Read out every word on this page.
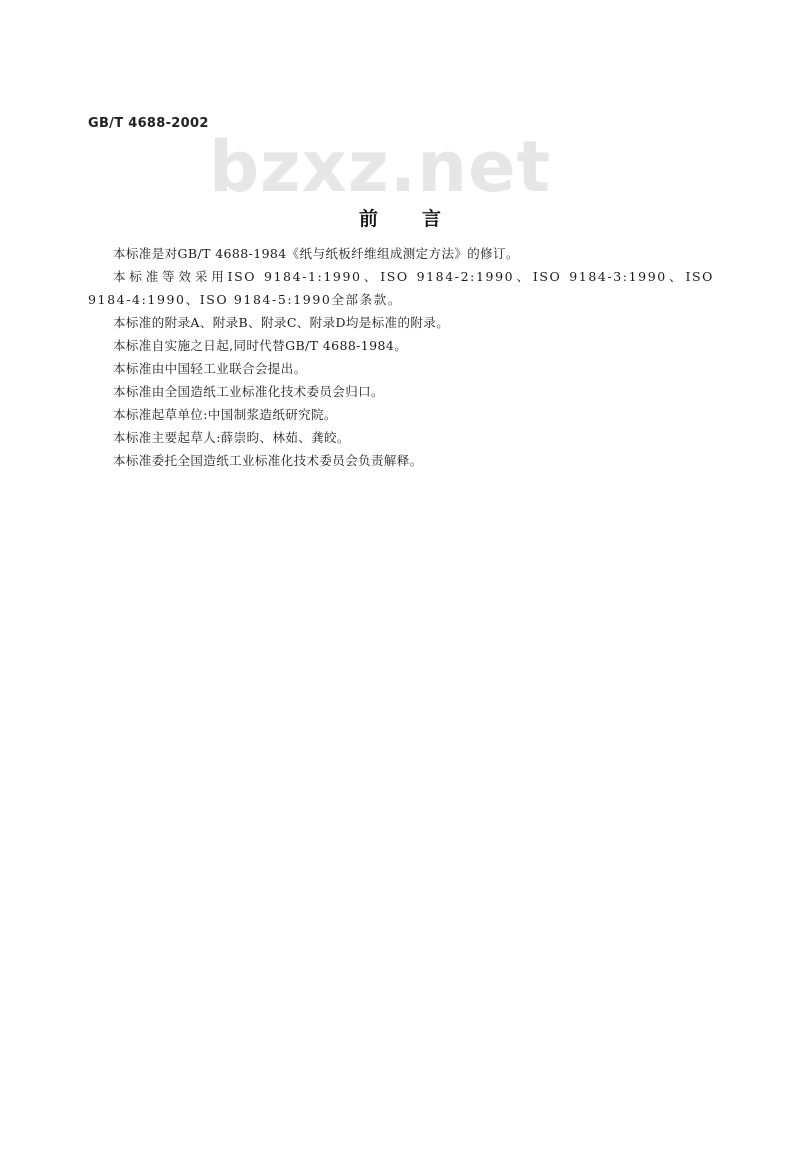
GB/T 4688-2002
bzxz.net
前言

本标准是对GB/T 4688-1984《纸与纸板纤维组成测定方法》的修订。

本标准等效采用ISO 9184-1:1990、ISO 9184-2:1990、ISO 9184-3:1990、ISO 9184-4:1990、ISO 9184-5:1990全部条款。

本标准的附录A、附录B、附录C、附录D均是标准的附录。

本标准自实施之日起,同时代替GB/T 4688-1984。

本标准由中国轻工业联合会提出。

本标准由全国造纸工业标准化技术委员会归口。

本标准起草单位:中国制浆造纸研究院。

本标准主要起草人:薛崇昀、林茹、龚皎。

本标准委托全国造纸工业标准化技术委员会负责解释。
